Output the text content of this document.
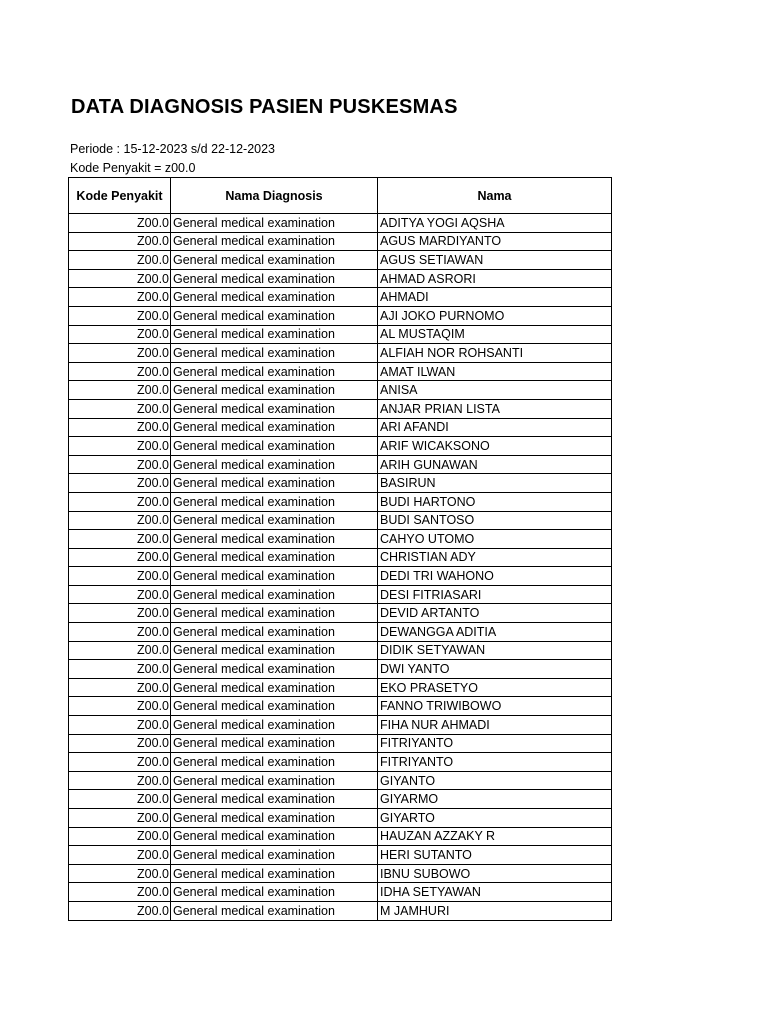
DATA DIAGNOSIS PASIEN PUSKESMAS
Periode : 15-12-2023 s/d 22-12-2023
Kode Penyakit = z00.0
Kode Penyakit	Nama Diagnosis	Nama
Z00.0	General medical examination	ADITYA YOGI AQSHA
Z00.0	General medical examination	AGUS MARDIYANTO
Z00.0	General medical examination	AGUS SETIAWAN
Z00.0	General medical examination	AHMAD ASRORI
Z00.0	General medical examination	AHMADI
Z00.0	General medical examination	AJI JOKO PURNOMO
Z00.0	General medical examination	AL MUSTAQIM
Z00.0	General medical examination	ALFIAH NOR ROHSANTI
Z00.0	General medical examination	AMAT ILWAN
Z00.0	General medical examination	ANISA
Z00.0	General medical examination	ANJAR PRIAN LISTA
Z00.0	General medical examination	ARI AFANDI
Z00.0	General medical examination	ARIF WICAKSONO
Z00.0	General medical examination	ARIH GUNAWAN
Z00.0	General medical examination	BASIRUN
Z00.0	General medical examination	BUDI HARTONO
Z00.0	General medical examination	BUDI SANTOSO
Z00.0	General medical examination	CAHYO UTOMO
Z00.0	General medical examination	CHRISTIAN ADY
Z00.0	General medical examination	DEDI TRI WAHONO
Z00.0	General medical examination	DESI FITRIASARI
Z00.0	General medical examination	DEVID ARTANTO
Z00.0	General medical examination	DEWANGGA ADITIA
Z00.0	General medical examination	DIDIK SETYAWAN
Z00.0	General medical examination	DWI YANTO
Z00.0	General medical examination	EKO PRASETYO
Z00.0	General medical examination	FANNO TRIWIBOWO
Z00.0	General medical examination	FIHA NUR AHMADI
Z00.0	General medical examination	FITRIYANTO
Z00.0	General medical examination	FITRIYANTO
Z00.0	General medical examination	GIYANTO
Z00.0	General medical examination	GIYARMO
Z00.0	General medical examination	GIYARTO
Z00.0	General medical examination	HAUZAN AZZAKY R
Z00.0	General medical examination	HERI SUTANTO
Z00.0	General medical examination	IBNU SUBOWO
Z00.0	General medical examination	IDHA SETYAWAN
Z00.0	General medical examination	M JAMHURI
